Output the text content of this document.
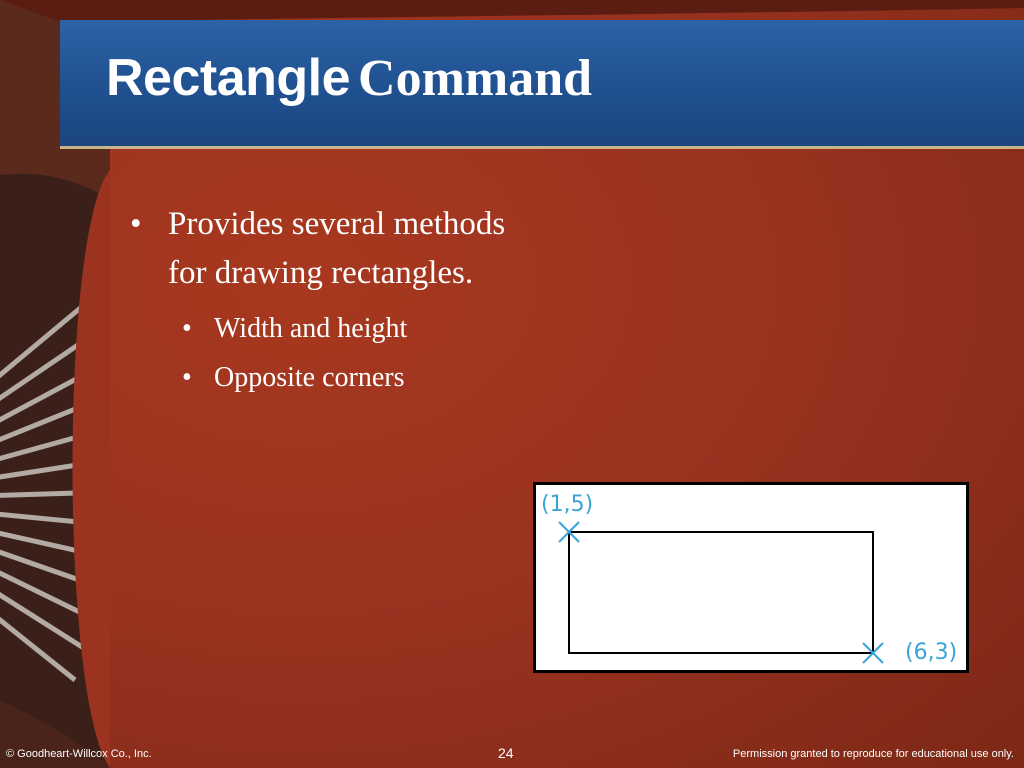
Rectangle Command

• Provides several methods for drawing rectangles.

• Width and height
• Opposite corners
(1,5)
(6,3)
© Goodheart-Willcox Co., Inc.	24	Permission granted to reproduce for educational use only.
